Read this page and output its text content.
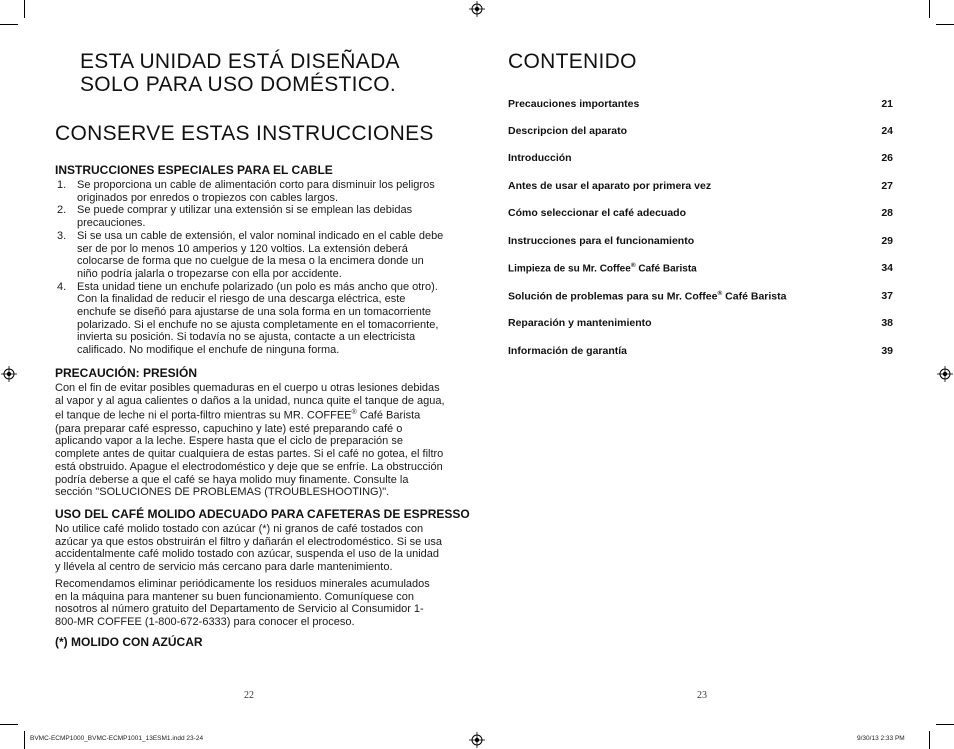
ESTA UNIDAD ESTÁ DISEÑADA
SOLO PARA USO DOMÉSTICO.
CONSERVE ESTAS INSTRUCCIONES
INSTRUCCIONES ESPECIALES PARA EL CABLE
1. Se proporciona un cable de alimentación corto para disminuir los peligros originados por enredos o tropiezos con cables largos.
2. Se puede comprar y utilizar una extensión si se emplean las debidas precauciones.
3. Si se usa un cable de extensión, el valor nominal indicado en el cable debe ser de por lo menos 10 amperios y 120 voltios. La extensión deberá colocarse de forma que no cuelgue de la mesa o la encimera donde un niño podría jalarla o tropezarse con ella por accidente.
4. Esta unidad tiene un enchufe polarizado (un polo es más ancho que otro). Con la finalidad de reducir el riesgo de una descarga eléctrica, este enchufe se diseñó para ajustarse de una sola forma en un tomacorriente polarizado. Si el enchufe no se ajusta completamente en el tomacorriente, invierta su posición. Si todavía no se ajusta, contacte a un electricista calificado. No modifique el enchufe de ninguna forma.
PRECAUCIÓN: PRESIÓN
Con el fin de evitar posibles quemaduras en el cuerpo u otras lesiones debidas al vapor y al agua calientes o daños a la unidad, nunca quite el tanque de agua, el tanque de leche ni el porta-filtro mientras su MR. COFFEE® Café Barista (para preparar café espresso, capuchino y late) esté preparando café o aplicando vapor a la leche. Espere hasta que el ciclo de preparación se complete antes de quitar cualquiera de estas partes. Si el café no gotea, el filtro está obstruido. Apague el electrodoméstico y deje que se enfríe. La obstrucción podría deberse a que el café se haya molido muy finamente. Consulte la sección "SOLUCIONES DE PROBLEMAS (TROUBLESHOOTING)".
USO DEL CAFÉ MOLIDO ADECUADO PARA CAFETERAS DE ESPRESSO
No utilice café molido tostado con azúcar (*) ni granos de café tostados con azúcar ya que estos obstruirán el filtro y dañarán el electrodoméstico. Si se usa accidentalmente café molido tostado con azúcar, suspenda el uso de la unidad y llévela al centro de servicio más cercano para darle mantenimiento.
Recomendamos eliminar periódicamente los residuos minerales acumulados en la máquina para mantener su buen funcionamiento. Comuníquese con nosotros al número gratuito del Departamento de Servicio al Consumidor 1-800-MR COFFEE (1-800-672-6333) para conocer el proceso.
(*) MOLIDO CON AZÚCAR
22
CONTENIDO
Precauciones importantes	21
Descripcion del aparato	24
Introducción	26
Antes de usar el aparato por primera vez	27
Cómo seleccionar el café adecuado	28
Instrucciones para el funcionamiento	29
Limpieza de su Mr. Coffee® Café Barista	34
Solución de problemas para su Mr. Coffee® Café Barista	37
Reparación y mantenimiento	38
Información de garantía	39
23
BVMC-ECMP1000_BVMC-ECMP1001_13ESM1.indd 23-24	9/30/13 2:33 PM
